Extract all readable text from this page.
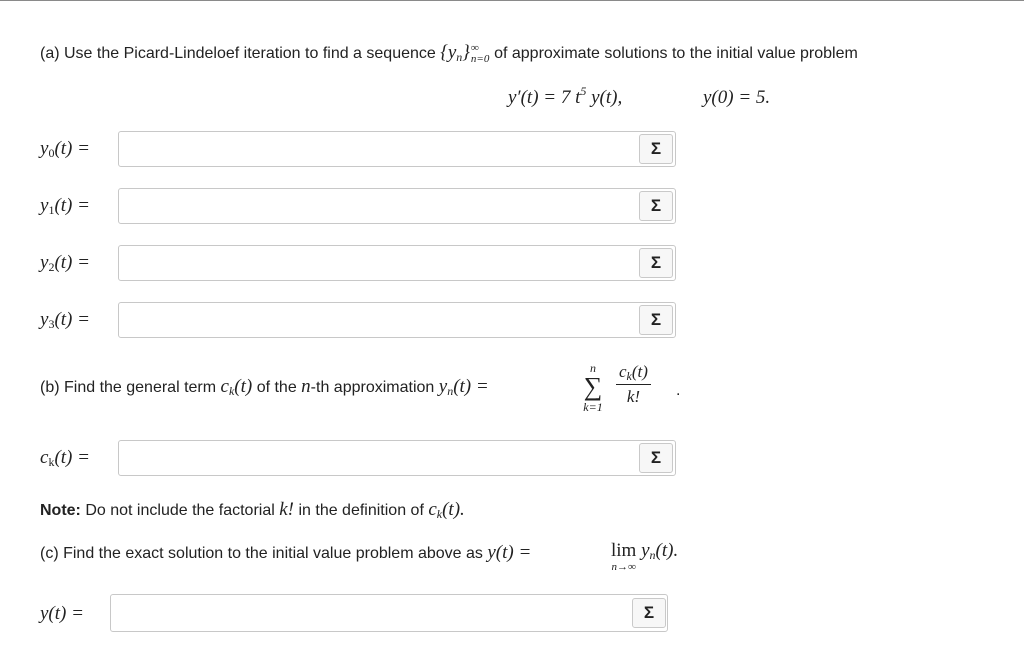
(a) Use the Picard-Lindeloef iteration to find a sequence {yn} ∞
n=0 of approximate solutions to the initial value problem
y′(t) = 7 $t^5$ y(t),	y(0) = 5.
y0(t) =	Σ
y1(t) =	Σ
y2(t) =	Σ
y3(t) =	Σ
(b) Find the general term ck(t) of the n-th approximation yn(t) =
n
∑
k=1
ck(t)
k!	.
ck(t) =	Σ
Note: Do not include the factorial k! in the definition of ck(t).
(c) Find the exact solution to the initial value problem above as y(t) =	lim
n→∞
yn(t).
y(t) =	Σ
